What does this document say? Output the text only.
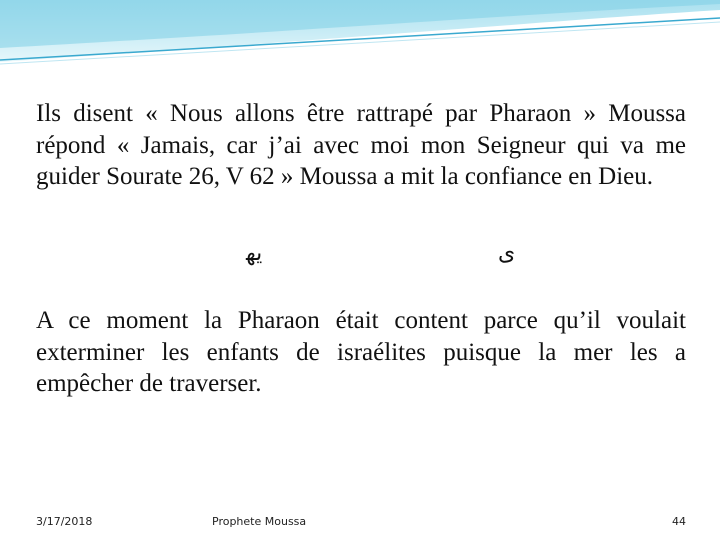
Ils disent « Nous allons être rattrapé par Pharaon » Moussa répond « Jamais, car j’ai avec moi mon Seigneur qui va me guider Sourate 26, V 62 » Moussa a mit la confiance en Dieu.

ﻳﻬ	ﻯ

A ce moment la Pharaon était content parce qu’il voulait exterminer les enfants de israélites puisque la mer les a empêcher de traverser.

3/17/2018	Prophete Moussa	44
